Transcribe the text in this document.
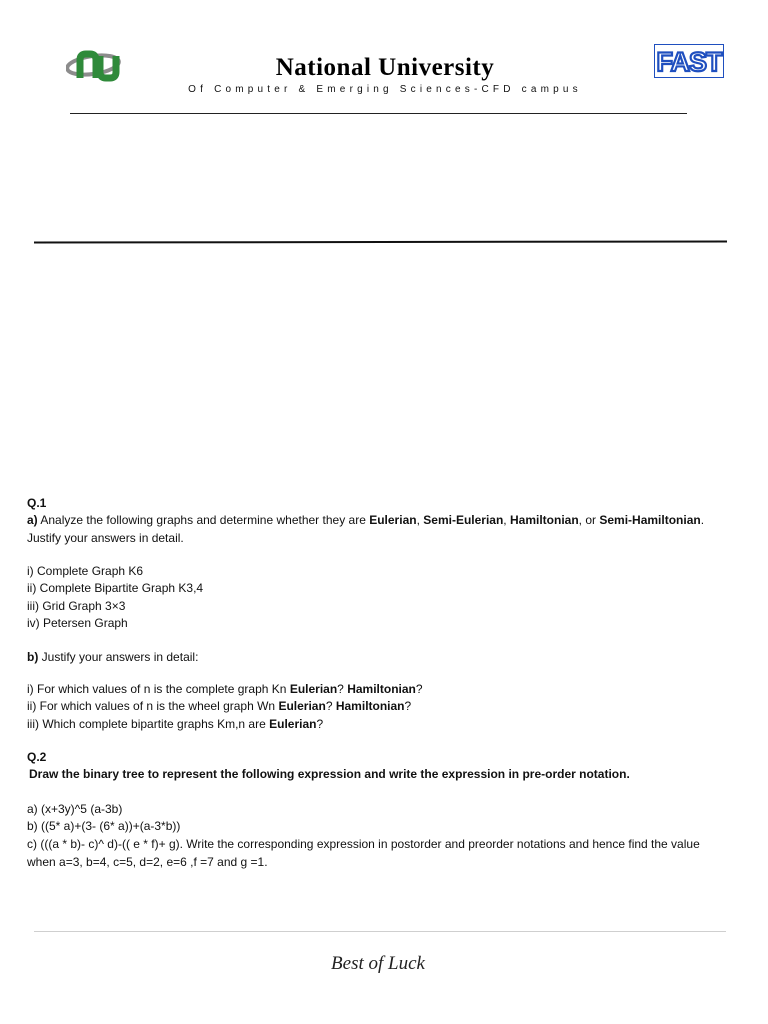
National University
Of Computer & Emerging Sciences-CFD campus
FAST
Q.1
a) Analyze the following graphs and determine whether they are Eulerian, Semi-Eulerian, Hamiltonian, or Semi-Hamiltonian.
Justify your answers in detail.
i) Complete Graph K6
ii) Complete Bipartite Graph K3,4
iii) Grid Graph 3×3
iv) Petersen Graph
b) Justify your answers in detail:
i) For which values of n is the complete graph Kn Eulerian? Hamiltonian?
ii) For which values of n is the wheel graph Wn Eulerian? Hamiltonian?
iii) Which complete bipartite graphs Km,n are Eulerian?
Q.2
Draw the binary tree to represent the following expression and write the expression in pre-order notation.
a) (x+3y)^5 (a-3b)
b) ((5* a)+(3- (6* a))+(a-3*b))
c) (((a * b)- c)^ d)-(( e * f)+ g). Write the corresponding expression in postorder and preorder notations and hence find the value when a=3, b=4, c=5, d=2, e=6 ,f =7 and g =1.
Best of Luck
